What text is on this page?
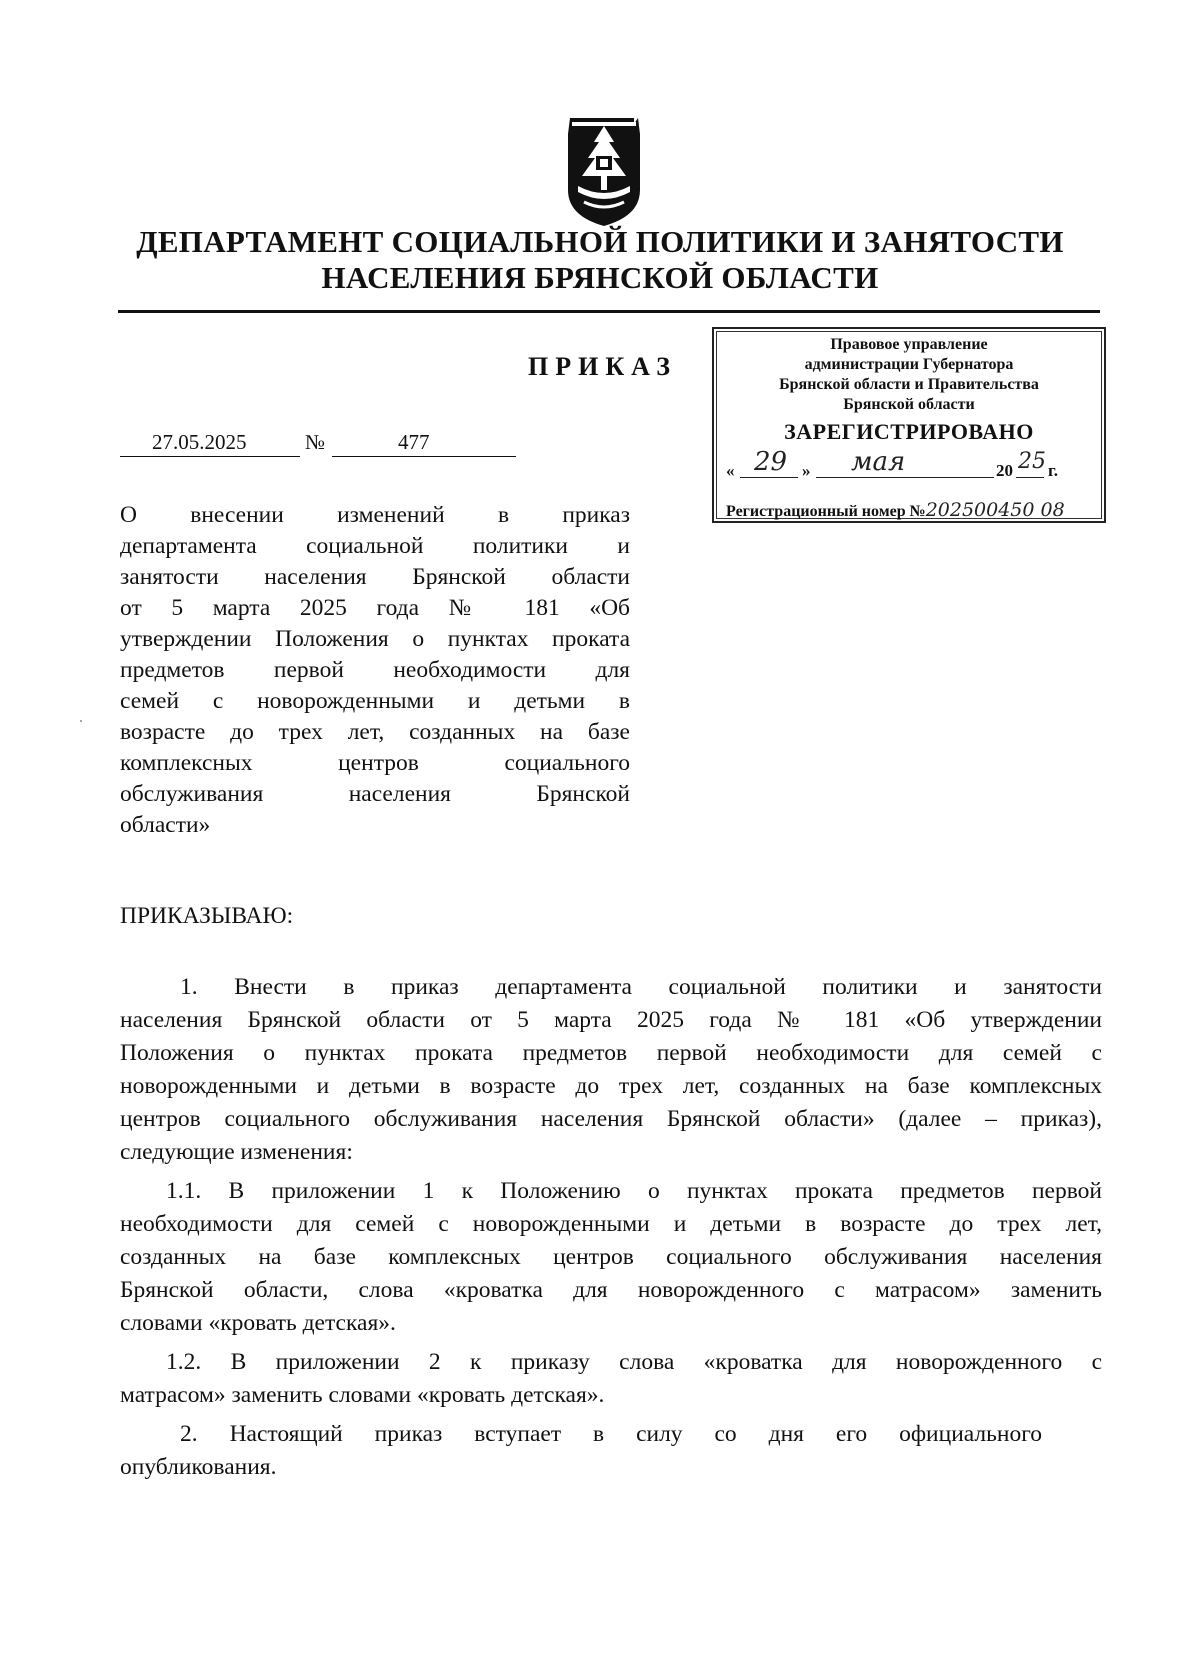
ДЕПАРТАМЕНТ СОЦИАЛЬНОЙ ПОЛИТИКИ И ЗАНЯТОСТИ
НАСЕЛЕНИЯ БРЯНСКОЙ ОБЛАСТИ
ПРИКАЗ
Правовое управление
администрации Губернатора
Брянской области и Правительства
Брянской области
ЗАРЕГИСТРИРОВАНО
« 29 » мая	20 25 г.
Регистрационный номер №202500450 08
27.05.2025	№	477
О внесении изменений в приказ
департамента социальной политики и
занятости населения Брянской области
от 5 марта 2025 года № 181 «Об
утверждении Положения о пунктах проката
предметов первой необходимости для
семей с новорожденными и детьми в
возрасте до трех лет, созданных на базе
комплексных центров социального
обслуживания населения Брянской
области»
ПРИКАЗЫВАЮ:
1. Внести в приказ департамента социальной политики и занятости
населения Брянской области от 5 марта 2025 года № 181 «Об утверждении
Положения о пунктах проката предметов первой необходимости для семей с
новорожденными и детьми в возрасте до трех лет, созданных на базе комплексных
центров социального обслуживания населения Брянской области» (далее – приказ),
следующие изменения:
1.1. В приложении 1 к Положению о пунктах проката предметов первой
необходимости для семей с новорожденными и детьми в возрасте до трех лет,
созданных на базе комплексных центров социального обслуживания населения
Брянской области, слова «кроватка для новорожденного с матрасом» заменить
словами «кровать детская».
1.2. В приложении 2 к приказу слова «кроватка для новорожденного с
матрасом» заменить словами «кровать детская».
2. Настоящий приказ вступает в силу со дня его официального
опубликования.
